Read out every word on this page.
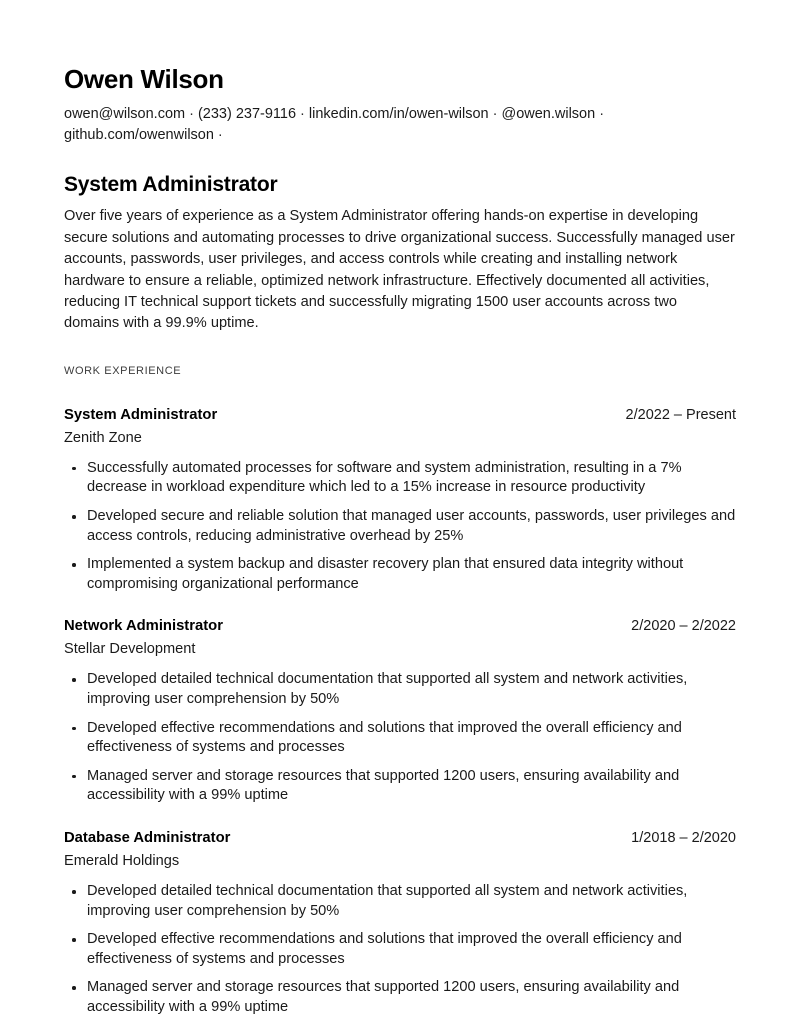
Owen Wilson
owen@wilson.com · (233) 237-9116 · linkedin.com/in/owen-wilson · @owen.wilson ·github.com/owenwilson ·
System Administrator

Over five years of experience as a System Administrator offering hands-on expertise in developing secure solutions and automating processes to drive organizational success. Successfully managed user accounts, passwords, user privileges, and access controls while creating and installing network hardware to ensure a reliable, optimized network infrastructure. Effectively documented all activities, reducing IT technical support tickets and successfully migrating 1500 user accounts across two domains with a 99.9% uptime.

WORK EXPERIENCE
System Administrator	2/2022 – Present
Zenith Zone
Successfully automated processes for software and system administration, resulting in a 7% decrease in workload expenditure which led to a 15% increase in resource productivity
Developed secure and reliable solution that managed user accounts, passwords, user privileges and access controls, reducing administrative overhead by 25%
Implemented a system backup and disaster recovery plan that ensured data integrity without compromising organizational performance
Network Administrator	2/2020 – 2/2022
Stellar Development
Developed detailed technical documentation that supported all system and network activities, improving user comprehension by 50%
Developed effective recommendations and solutions that improved the overall efficiency and effectiveness of systems and processes
Managed server and storage resources that supported 1200 users, ensuring availability and accessibility with a 99% uptime
Database Administrator	1/2018 – 2/2020
Emerald Holdings
Developed detailed technical documentation that supported all system and network activities, improving user comprehension by 50%
Developed effective recommendations and solutions that improved the overall efficiency and effectiveness of systems and processes
Managed server and storage resources that supported 1200 users, ensuring availability and accessibility with a 99% uptime
